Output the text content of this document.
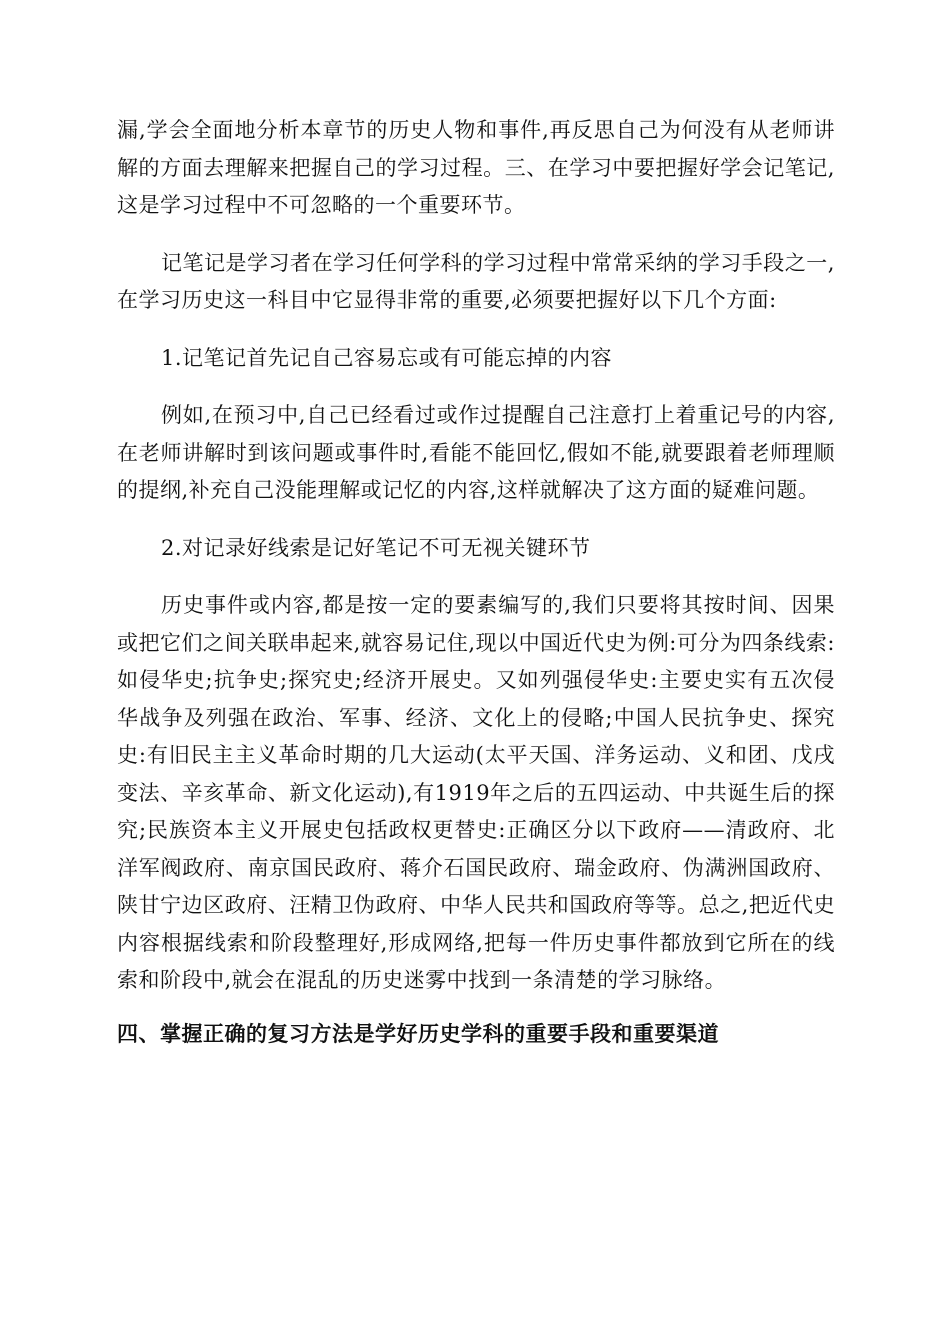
漏,学会全面地分析本章节的历史人物和事件,再反思自己为何没有从老师讲解的方面去理解来把握自己的学习过程。三、在学习中要把握好学会记笔记,这是学习过程中不可忽略的一个重要环节。

记笔记是学习者在学习任何学科的学习过程中常常采纳的学习手段之一,在学习历史这一科目中它显得非常的重要,必须要把握好以下几个方面:

1.记笔记首先记自己容易忘或有可能忘掉的内容

例如,在预习中,自己已经看过或作过提醒自己注意打上着重记号的内容,在老师讲解时到该问题或事件时,看能不能回忆,假如不能,就要跟着老师理顺的提纲,补充自己没能理解或记忆的内容,这样就解决了这方面的疑难问题。

2.对记录好线索是记好笔记不可无视关键环节

历史事件或内容,都是按一定的要素编写的,我们只要将其按时间、因果或把它们之间关联串起来,就容易记住,现以中国近代史为例:可分为四条线索:如侵华史;抗争史;探究史;经济开展史。又如列强侵华史:主要史实有五次侵华战争及列强在政治、军事、经济、文化上的侵略;中国人民抗争史、探究史:有旧民主主义革命时期的几大运动(太平天国、洋务运动、义和团、戊戌变法、辛亥革命、新文化运动),有1919年之后的五四运动、中共诞生后的探究;民族资本主义开展史包括政权更替史:正确区分以下政府——清政府、北洋军阀政府、南京国民政府、蒋介石国民政府、瑞金政府、伪满洲国政府、陕甘宁边区政府、汪精卫伪政府、中华人民共和国政府等等。总之,把近代史内容根据线索和阶段整理好,形成网络,把每一件历史事件都放到它所在的线索和阶段中,就会在混乱的历史迷雾中找到一条清楚的学习脉络。

四、掌握正确的复习方法是学好历史学科的重要手段和重要渠道
